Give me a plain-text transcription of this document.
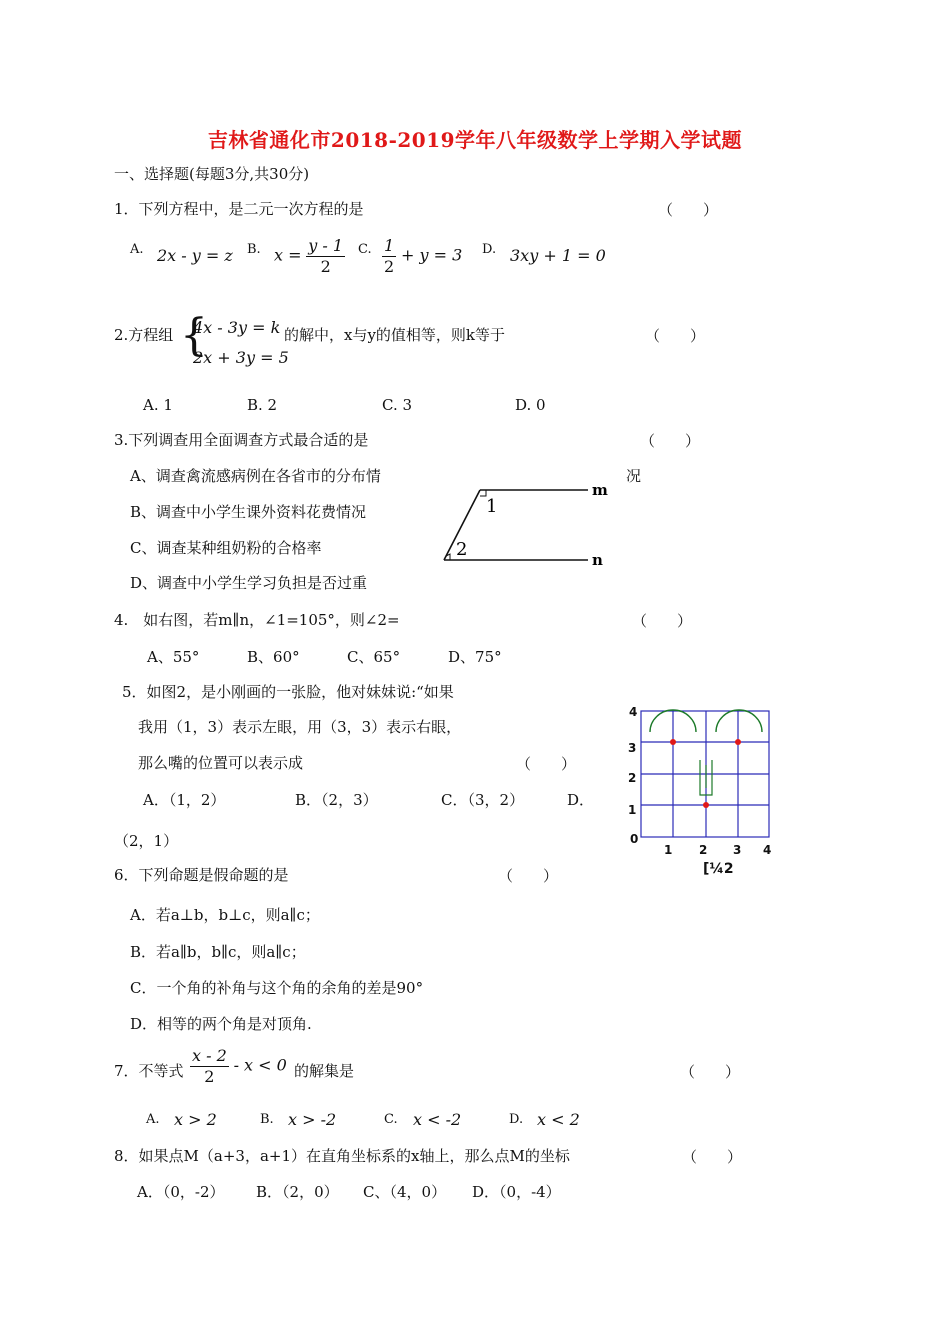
吉林省通化市2018-2019学年八年级数学上学期入学试题
一、选择题(每题3分,共30分)
1．下列方程中，是二元一次方程的是	（　　）
A. 2x - y = z B. $x = \frac{y - 1}{2} C$. $\frac{1}{2} + y = 3$ D. 3xy + 1 = 0
2.方程组 {
4x - 3y = k
2x + 3y = 5
的解中，x与y的值相等，则k等于	（　　）
A. 1	B. 2	C. 3	D. 0
3.下列调查用全面调查方式最合适的是	（　　）
A、调查禽流感病例在各省市的分布情	况
B、调查中小学生课外资料花费情况
C、调查某种组奶粉的合格率
D、调查中小学生学习负担是否过重
m
n
1
2
4.　如右图，若m∥n，∠1=105°，则∠2=	（　　）
A、55°	B、60°	C、65°	D、75°
5．如图2，是小刚画的一张脸，他对妹妹说:“如果
我用（1，3）表示左眼，用（3，3）表示右眼，
那么嘴的位置可以表示成	（　　）
A．（1，2）	B．（2，3）	C．（3，2）	D．
（2，1）
4
3
2
1
0
1 2 3 4
[¼2
6．下列命题是假命题的是	（　　）
A．若a⊥b，b⊥c，则a∥c；
B．若a∥b，b∥c，则a∥c；
C．一个角的补角与这个角的余角的差是90°
D．相等的两个角是对顶角.
7．不等式 $\frac{x - 2}{2} - x < 0$ 的解集是	（　　）
A. x > 2	B. x > -2	C. x < -2	D. x < 2
8．如果点M（a+3，a+1）在直角坐标系的x轴上，那么点M的坐标	（　　）
A．（0，-2） B．（2，0） C、（4，0） D．（0，-4）
